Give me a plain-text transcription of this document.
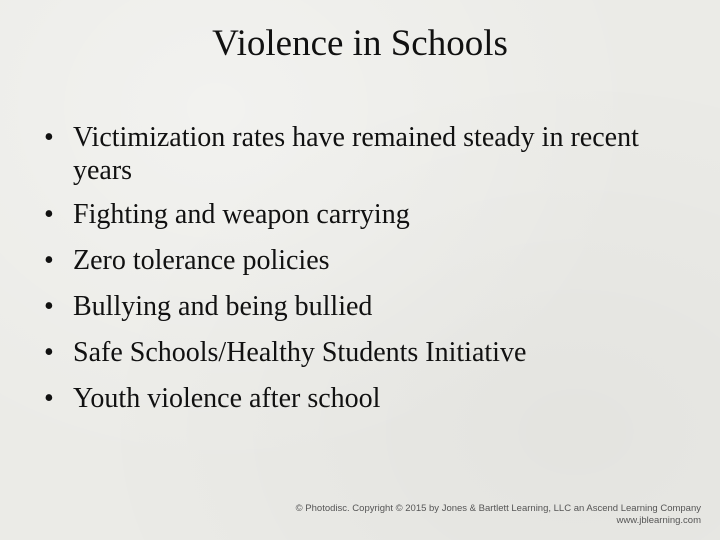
Violence in Schools
• Victimization rates have remained steady in recent years
• Fighting and weapon carrying
• Zero tolerance policies
• Bullying and being bullied
• Safe Schools/Healthy Students Initiative
• Youth violence after school
© Photodisc. Copyright © 2015 by Jones & Bartlett Learning, LLC an Ascend Learning Company
www.jblearning.com
